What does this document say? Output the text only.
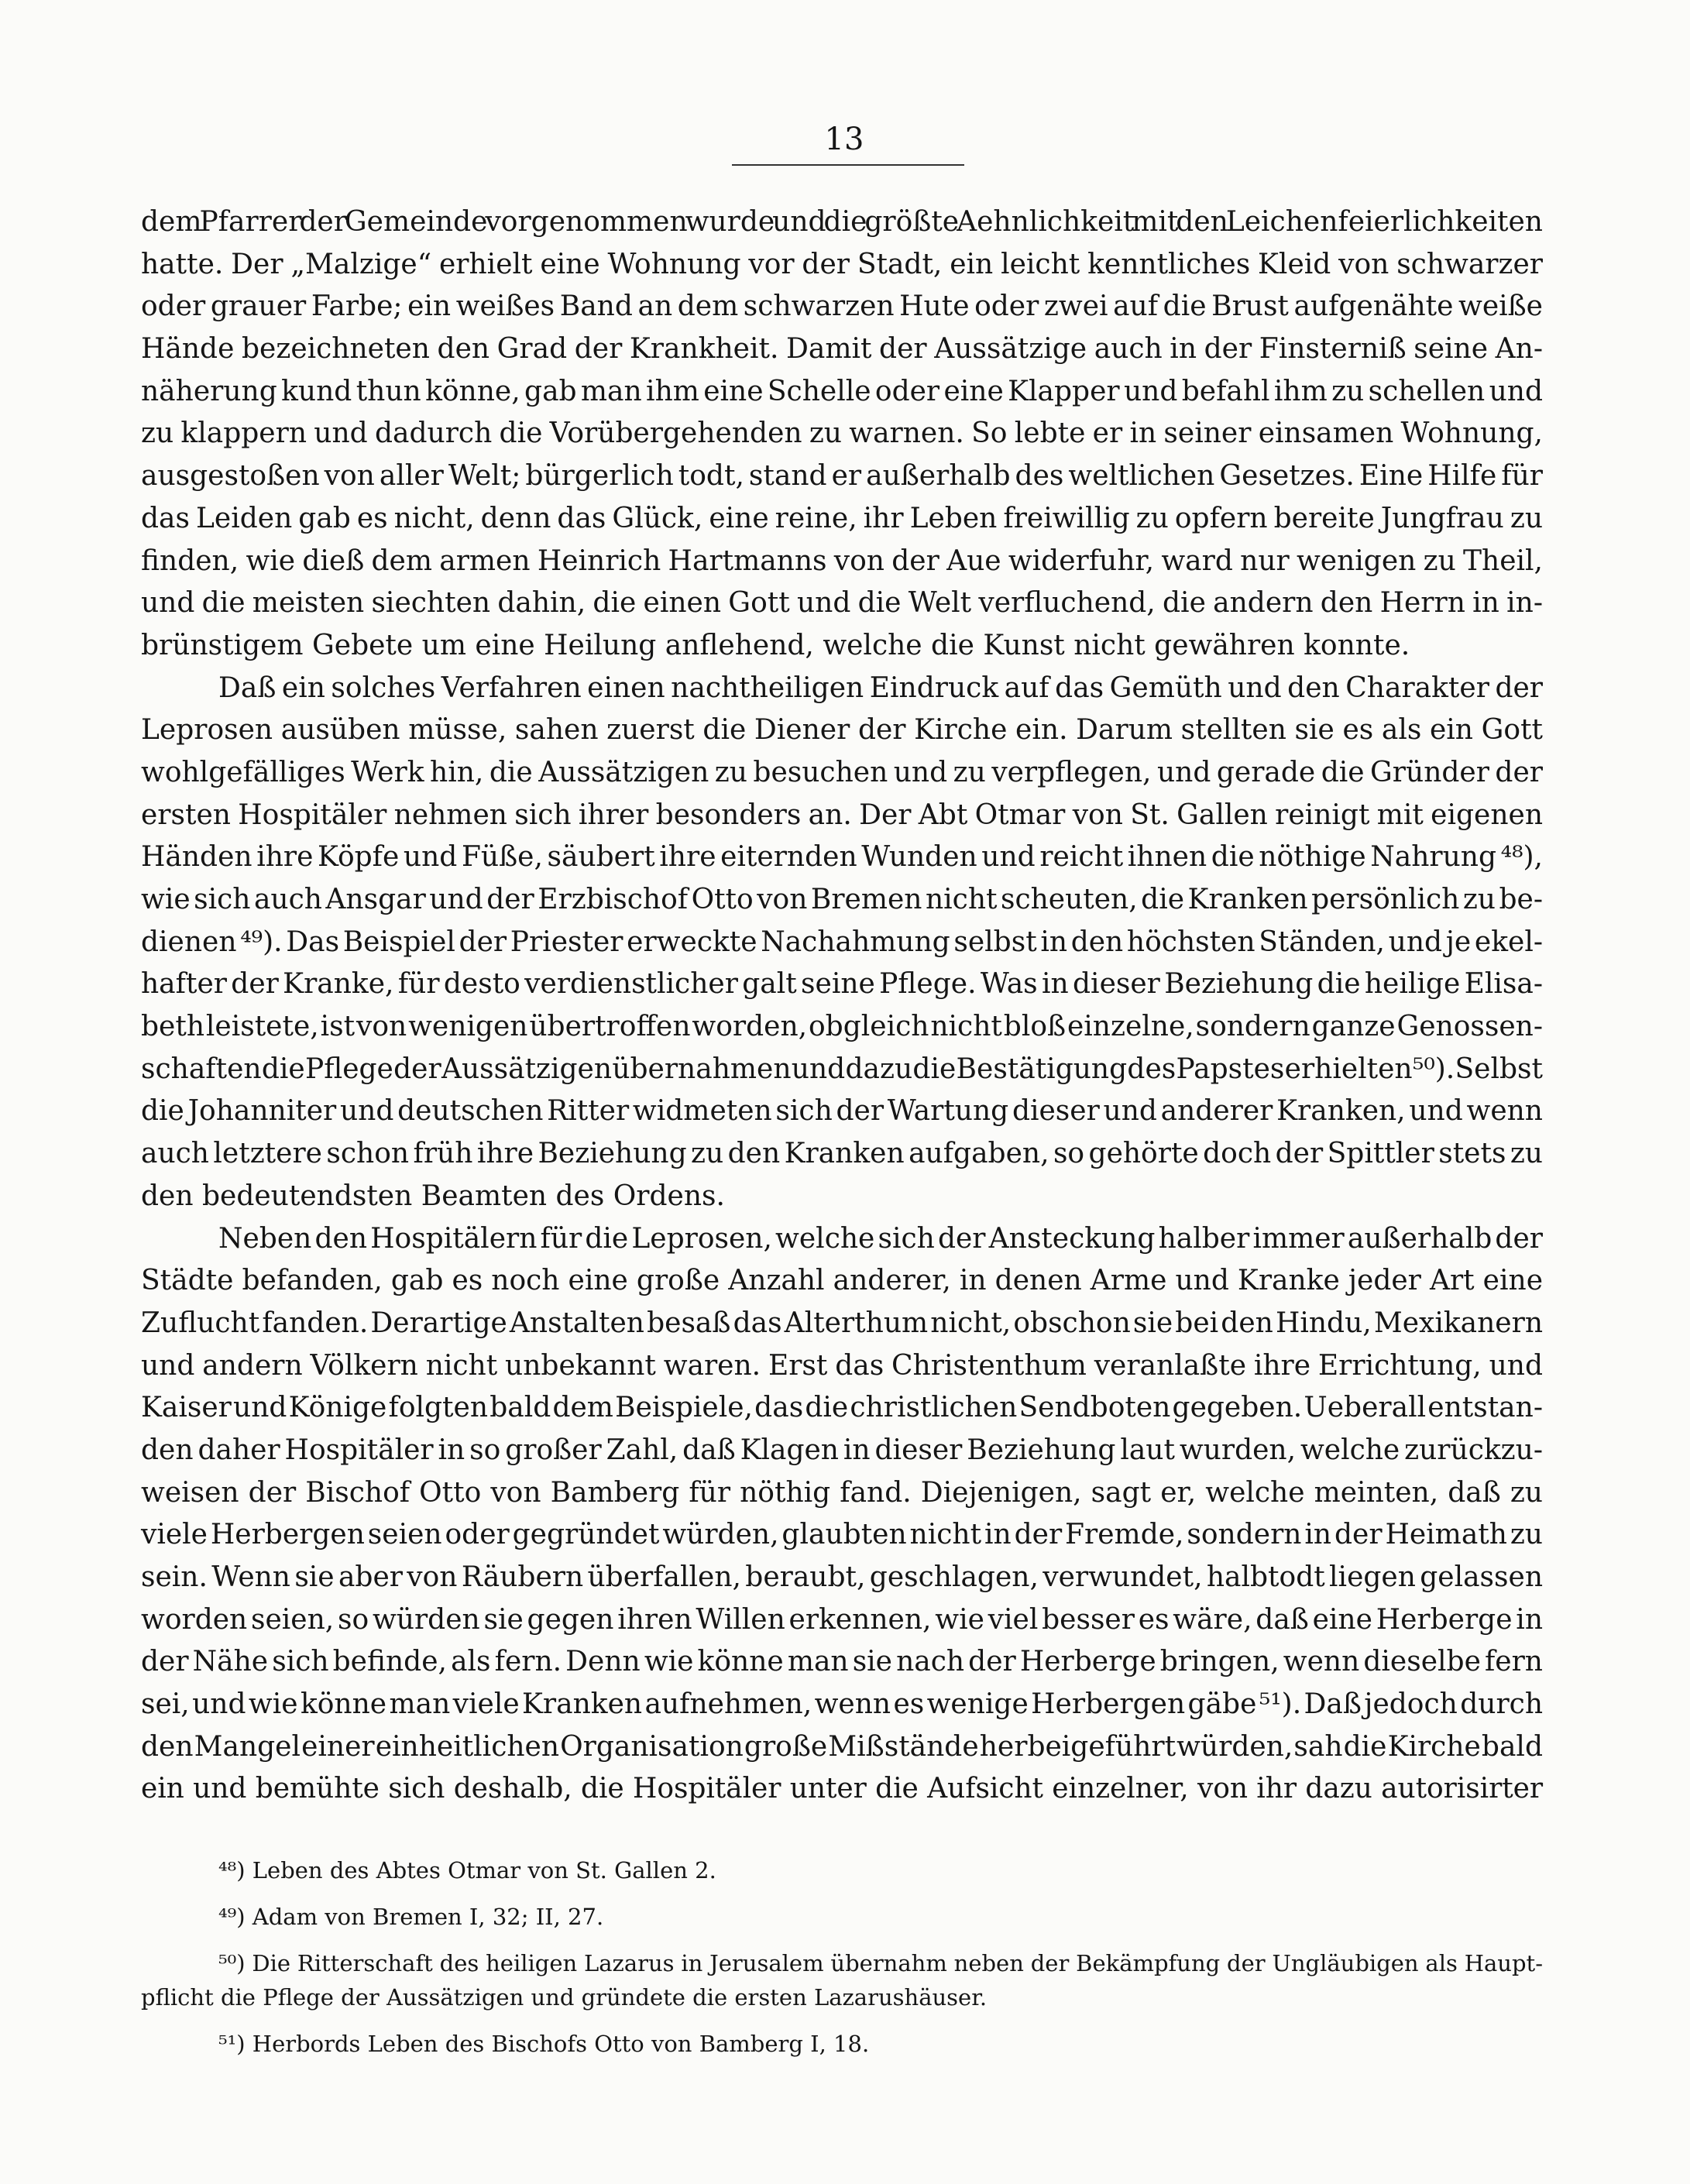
13
dem Pfarrer der Gemeinde vorgenommen wurde und die größte Aehnlichkeit mit den Leichenfeierlichkeiten
hatte. Der „Malzige“ erhielt eine Wohnung vor der Stadt, ein leicht kenntliches Kleid von schwarzer
oder grauer Farbe; ein weißes Band an dem schwarzen Hute oder zwei auf die Brust aufgenähte weiße
Hände bezeichneten den Grad der Krankheit. Damit der Aussätzige auch in der Finsterniß seine An-
näherung kund thun könne, gab man ihm eine Schelle oder eine Klapper und befahl ihm zu schellen und
zu klappern und dadurch die Vorübergehenden zu warnen. So lebte er in seiner einsamen Wohnung,
ausgestoßen von aller Welt; bürgerlich todt, stand er außerhalb des weltlichen Gesetzes. Eine Hilfe für
das Leiden gab es nicht, denn das Glück, eine reine, ihr Leben freiwillig zu opfern bereite Jungfrau zu
finden, wie dieß dem armen Heinrich Hartmanns von der Aue widerfuhr, ward nur wenigen zu Theil,
und die meisten siechten dahin, die einen Gott und die Welt verfluchend, die andern den Herrn in in-
brünstigem Gebete um eine Heilung anflehend, welche die Kunst nicht gewähren konnte.
Daß ein solches Verfahren einen nachtheiligen Eindruck auf das Gemüth und den Charakter der
Leprosen ausüben müsse, sahen zuerst die Diener der Kirche ein. Darum stellten sie es als ein Gott
wohlgefälliges Werk hin, die Aussätzigen zu besuchen und zu verpflegen, und gerade die Gründer der
ersten Hospitäler nehmen sich ihrer besonders an. Der Abt Otmar von St. Gallen reinigt mit eigenen
Händen ihre Köpfe und Füße, säubert ihre eiternden Wunden und reicht ihnen die nöthige Nahrung ⁴⁸),
wie sich auch Ansgar und der Erzbischof Otto von Bremen nicht scheuten, die Kranken persönlich zu be-
dienen ⁴⁹). Das Beispiel der Priester erweckte Nachahmung selbst in den höchsten Ständen, und je ekel-
hafter der Kranke, für desto verdienstlicher galt seine Pflege. Was in dieser Beziehung die heilige Elisa-
beth leistete, ist von wenigen übertroffen worden, obgleich nicht bloß einzelne, sondern ganze Genossen-
schaften die Pflege der Aussätzigen übernahmen und dazu die Bestätigung des Papstes erhielten ⁵⁰). Selbst
die Johanniter und deutschen Ritter widmeten sich der Wartung dieser und anderer Kranken, und wenn
auch letztere schon früh ihre Beziehung zu den Kranken aufgaben, so gehörte doch der Spittler stets zu
den bedeutendsten Beamten des Ordens.
Neben den Hospitälern für die Leprosen, welche sich der Ansteckung halber immer außerhalb der
Städte befanden, gab es noch eine große Anzahl anderer, in denen Arme und Kranke jeder Art eine
Zuflucht fanden. Derartige Anstalten besaß das Alterthum nicht, obschon sie bei den Hindu, Mexikanern
und andern Völkern nicht unbekannt waren. Erst das Christenthum veranlaßte ihre Errichtung, und
Kaiser und Könige folgten bald dem Beispiele, das die christlichen Sendboten gegeben. Ueberall entstan-
den daher Hospitäler in so großer Zahl, daß Klagen in dieser Beziehung laut wurden, welche zurückzu-
weisen der Bischof Otto von Bamberg für nöthig fand. Diejenigen, sagt er, welche meinten, daß zu
viele Herbergen seien oder gegründet würden, glaubten nicht in der Fremde, sondern in der Heimath zu
sein. Wenn sie aber von Räubern überfallen, beraubt, geschlagen, verwundet, halbtodt liegen gelassen
worden seien, so würden sie gegen ihren Willen erkennen, wie viel besser es wäre, daß eine Herberge in
der Nähe sich befinde, als fern. Denn wie könne man sie nach der Herberge bringen, wenn dieselbe fern
sei, und wie könne man viele Kranken aufnehmen, wenn es wenige Herbergen gäbe ⁵¹). Daß jedoch durch
den Mangel einer einheitlichen Organisation große Mißstände herbeigeführt würden, sah die Kirche bald
ein und bemühte sich deshalb, die Hospitäler unter die Aufsicht einzelner, von ihr dazu autorisirter
⁴⁸) Leben des Abtes Otmar von St. Gallen 2.
⁴⁹) Adam von Bremen I, 32; II, 27.
⁵⁰) Die Ritterschaft des heiligen Lazarus in Jerusalem übernahm neben der Bekämpfung der Ungläubigen als Haupt-
pflicht die Pflege der Aussätzigen und gründete die ersten Lazarushäuser.
⁵¹) Herbords Leben des Bischofs Otto von Bamberg I, 18.
